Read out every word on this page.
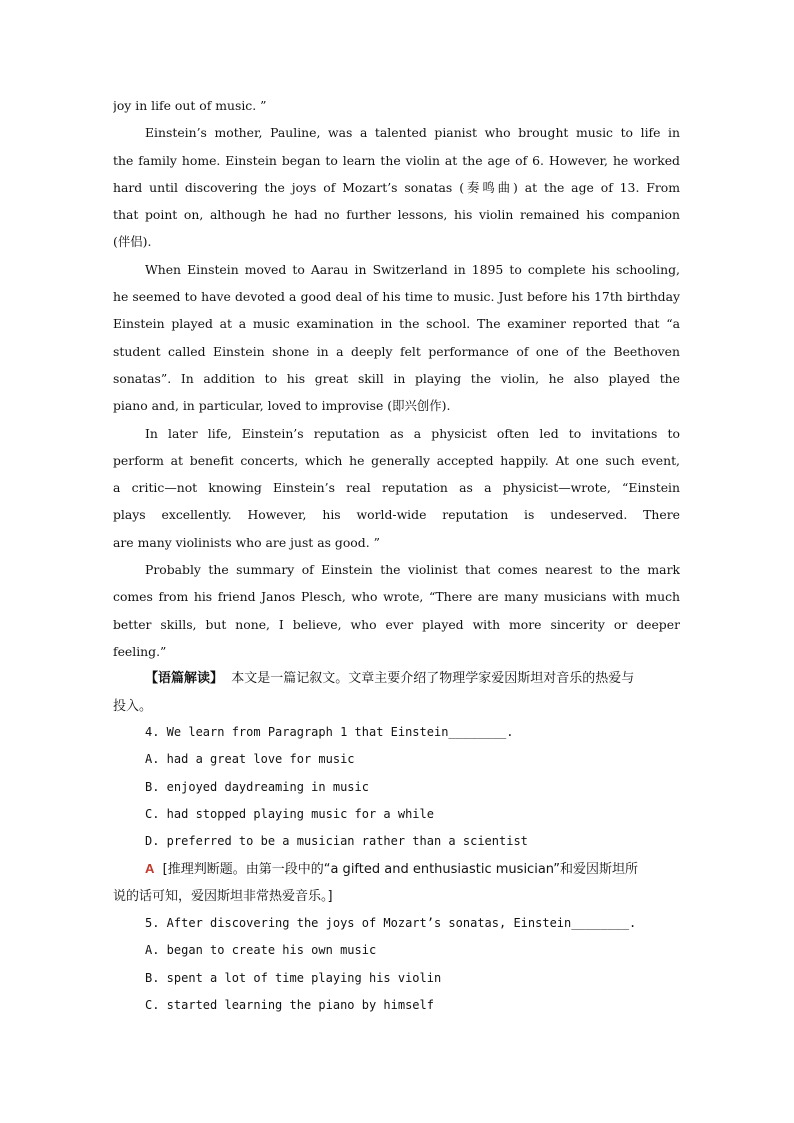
joy in life out of music. ”
Einstein’s mother, Pauline, was a talented pianist who brought music to life in
the family home. Einstein began to learn the violin at the age of 6. However, he worked
hard until discovering the joys of Mozart’s sonatas (奏鸣曲) at the age of 13. From
that point on, although he had no further lessons, his violin remained his companion
(伴侣).
When Einstein moved to Aarau in Switzerland in 1895 to complete his schooling,
he seemed to have devoted a good deal of his time to music. Just before his 17th birthday
Einstein played at a music examination in the school. The examiner reported that “a
student called Einstein shone in a deeply felt performance of one of the Beethoven
sonatas”. In addition to his great skill in playing the violin, he also played the
piano and, in particular, loved to improvise (即兴创作).
In later life, Einstein’s reputation as a physicist often led to invitations to
perform at benefit concerts, which he generally accepted happily. At one such event,
a critic—not knowing Einstein’s real reputation as a physicist—wrote, “Einstein
plays excellently. However, his world-wide reputation is undeserved. There
are many violinists who are just as good. ”
Probably the summary of Einstein the violinist that comes nearest to the mark
comes from his friend Janos Plesch, who wrote, “There are many musicians with much
better skills, but none, I believe, who ever played with more sincerity or deeper
feeling.”
【语篇解读】 本文是一篇记叙文。文章主要介绍了物理学家爱因斯坦对音乐的热爱与
投入。
4. We learn from Paragraph 1 that Einstein________.
A. had a great love for music
B. enjoyed daydreaming in music
C. had stopped playing music for a while
D. preferred to be a musician rather than a scientist
A [推理判断题。由第一段中的“a gifted and enthusiastic musician”和爱因斯坦所
说的话可知，爱因斯坦非常热爱音乐。]
5. After discovering the joys of Mozart’s sonatas, Einstein________.
A. began to create his own music
B. spent a lot of time playing his violin
C. started learning the piano by himself
